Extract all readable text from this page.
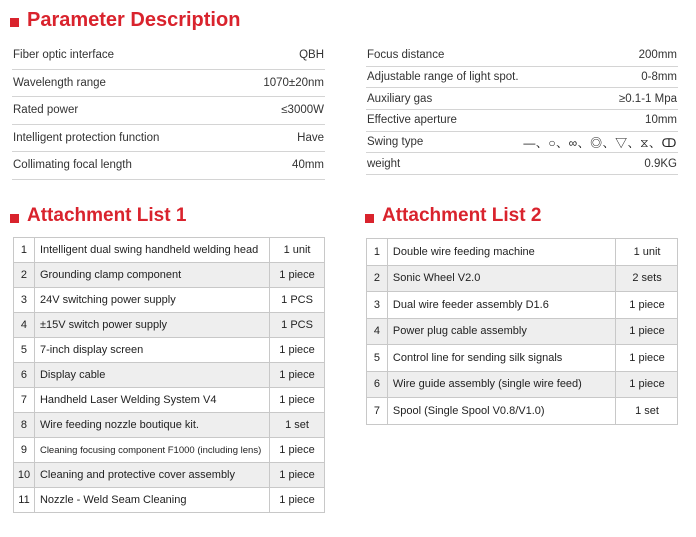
Parameter Description
Fiber optic interface	QBH
Wavelength range	1070±20nm
Rated power	≤3000W
Intelligent protection function	Have
Collimating focal length	40mm
Focus distance	200mm
Adjustable range of light spot.	0-8mm
Auxiliary gas	≥0.1-1 Mpa
Effective aperture	10mm
Swing type	—、○、∞、◎、▽、⧖、ↀ
weight	0.9KG
Attachment List 1	Attachment List 2
1	Intelligent dual swing handheld welding head	1 unit
2	Grounding clamp component	1 piece
3	24V switching power supply	1 PCS
4	±15V switch power supply	1 PCS
5	7-inch display screen	1 piece
6	Display cable	1 piece
7	Handheld Laser Welding System V4	1 piece
8	Wire feeding nozzle boutique kit.	1 set
9	Cleaning focusing component F1000 (including lens)	1 piece
10	Cleaning and protective cover assembly	1 piece
11	Nozzle - Weld Seam Cleaning	1 piece
1	Double wire feeding machine	1 unit
2	Sonic Wheel V2.0	2 sets
3	Dual wire feeder assembly D1.6	1 piece
4	Power plug cable assembly	1 piece
5	Control line for sending silk signals	1 piece
6	Wire guide assembly (single wire feed)	1 piece
7	Spool (Single Spool V0.8/V1.0)	1 set
